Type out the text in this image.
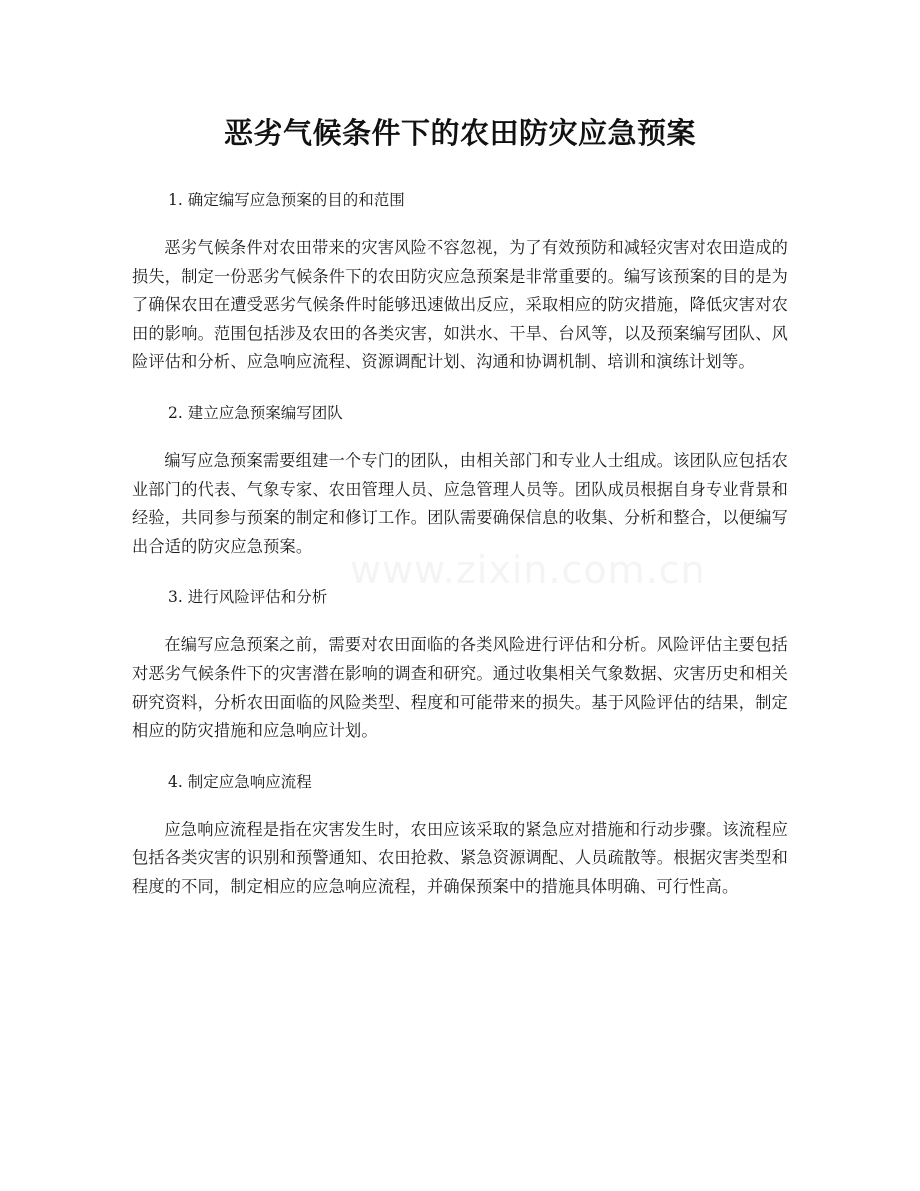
www.zixin.com.cn
恶劣气候条件下的农田防灾应急预案

1. 确定编写应急预案的目的和范围

恶劣气候条件对农田带来的灾害风险不容忽视，为了有效预防和减轻灾害对农田造成的损失，制定一份恶劣气候条件下的农田防灾应急预案是非常重要的。编写该预案的目的是为了确保农田在遭受恶劣气候条件时能够迅速做出反应，采取相应的防灾措施，降低灾害对农田的影响。范围包括涉及农田的各类灾害，如洪水、干旱、台风等，以及预案编写团队、风险评估和分析、应急响应流程、资源调配计划、沟通和协调机制、培训和演练计划等。

2. 建立应急预案编写团队

编写应急预案需要组建一个专门的团队，由相关部门和专业人士组成。该团队应包括农业部门的代表、气象专家、农田管理人员、应急管理人员等。团队成员根据自身专业背景和经验，共同参与预案的制定和修订工作。团队需要确保信息的收集、分析和整合，以便编写出合适的防灾应急预案。

3. 进行风险评估和分析

在编写应急预案之前，需要对农田面临的各类风险进行评估和分析。风险评估主要包括对恶劣气候条件下的灾害潜在影响的调查和研究。通过收集相关气象数据、灾害历史和相关研究资料，分析农田面临的风险类型、程度和可能带来的损失。基于风险评估的结果，制定相应的防灾措施和应急响应计划。

4. 制定应急响应流程

应急响应流程是指在灾害发生时，农田应该采取的紧急应对措施和行动步骤。该流程应包括各类灾害的识别和预警通知、农田抢救、紧急资源调配、人员疏散等。根据灾害类型和程度的不同，制定相应的应急响应流程，并确保预案中的措施具体明确、可行性高。
